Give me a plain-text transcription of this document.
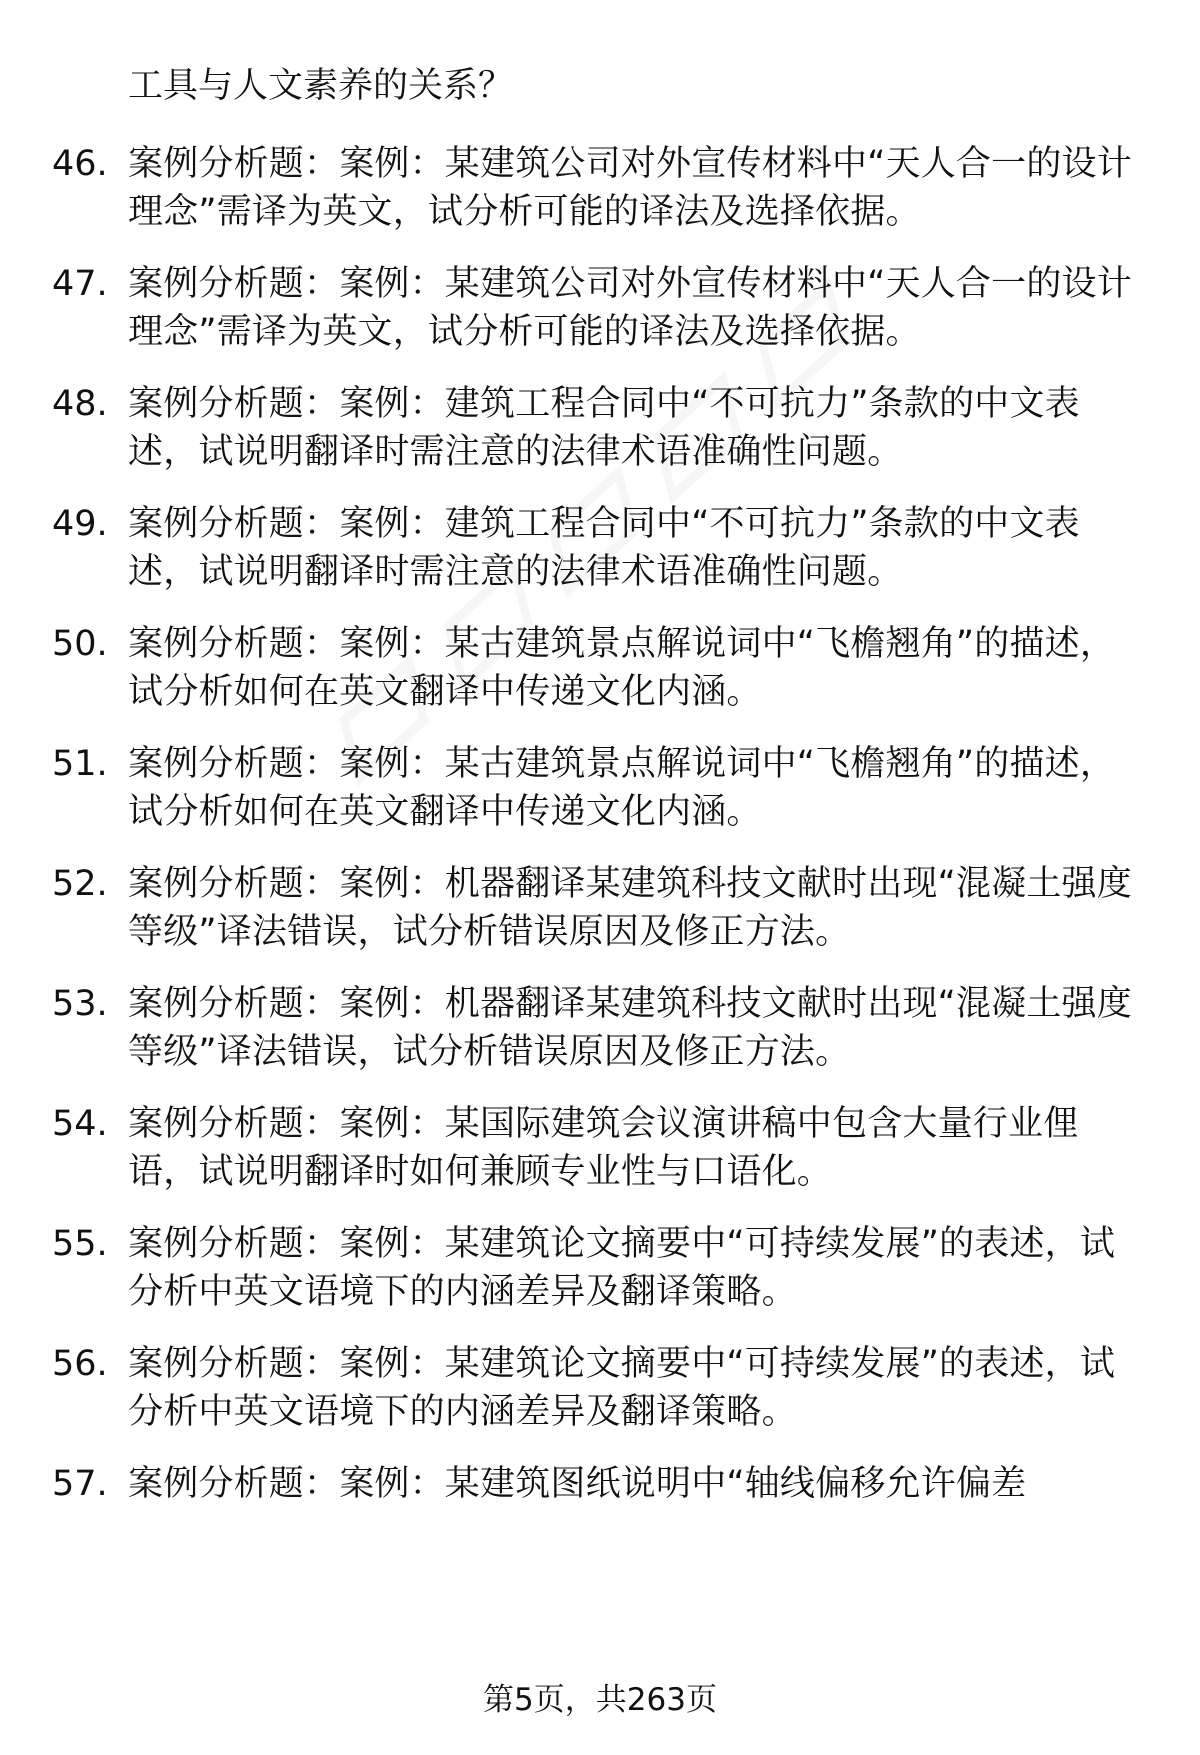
工具与人文素养的关系？
46. 案例分析题：案例：某建筑公司对外宣传材料中“天人合一的设计理念”需译为英文，试分析可能的译法及选择依据。
47. 案例分析题：案例：某建筑公司对外宣传材料中“天人合一的设计理念”需译为英文，试分析可能的译法及选择依据。
48. 案例分析题：案例：建筑工程合同中“不可抗力”条款的中文表述，试说明翻译时需注意的法律术语准确性问题。
49. 案例分析题：案例：建筑工程合同中“不可抗力”条款的中文表述，试说明翻译时需注意的法律术语准确性问题。
50. 案例分析题：案例：某古建筑景点解说词中“飞檐翘角”的描述，试分析如何在英文翻译中传递文化内涵。
51. 案例分析题：案例：某古建筑景点解说词中“飞檐翘角”的描述，试分析如何在英文翻译中传递文化内涵。
52. 案例分析题：案例：机器翻译某建筑科技文献时出现“混凝土强度等级”译法错误，试分析错误原因及修正方法。
53. 案例分析题：案例：机器翻译某建筑科技文献时出现“混凝土强度等级”译法错误，试分析错误原因及修正方法。
54. 案例分析题：案例：某国际建筑会议演讲稿中包含大量行业俚语，试说明翻译时如何兼顾专业性与口语化。
55. 案例分析题：案例：某建筑论文摘要中“可持续发展”的表述，试分析中英文语境下的内涵差异及翻译策略。
56. 案例分析题：案例：某建筑论文摘要中“可持续发展”的表述，试分析中英文语境下的内涵差异及翻译策略。
57. 案例分析题：案例：某建筑图纸说明中“轴线偏移允许偏差
第5页，共263页
